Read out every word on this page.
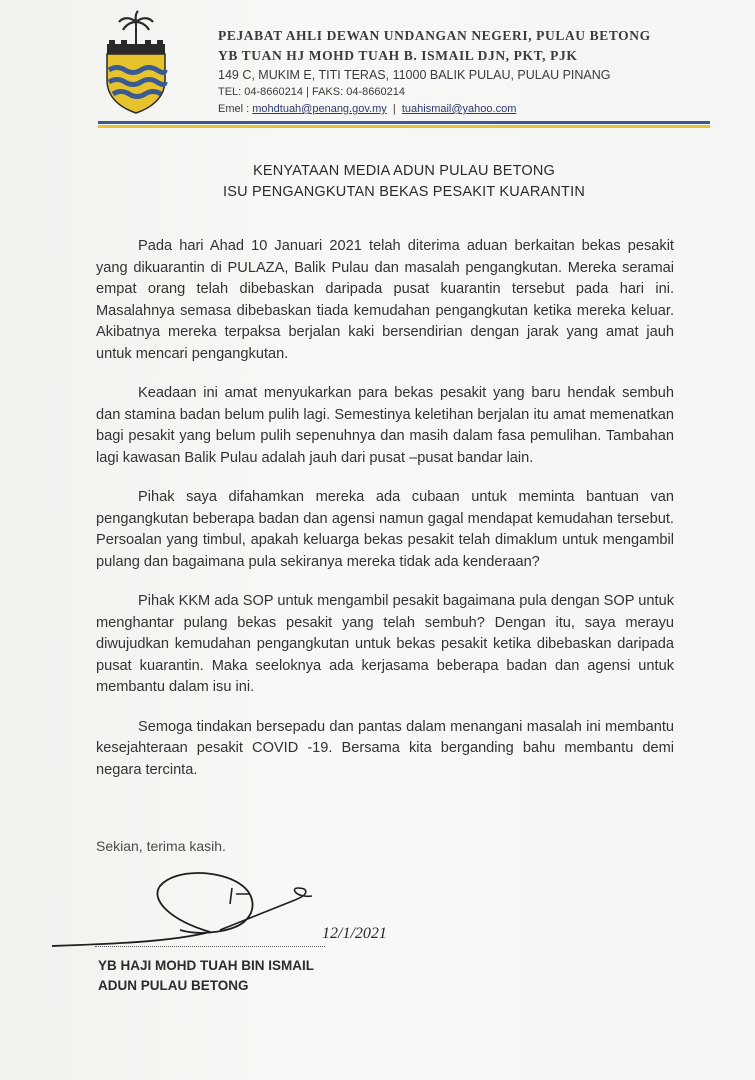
PEJABAT AHLI DEWAN UNDANGAN NEGERI, PULAU BETONG
YB TUAN HJ MOHD TUAH B. ISMAIL DJN, PKT, PJK
149 C, MUKIM E, TITI TERAS, 11000 BALIK PULAU, PULAU PINANG
TEL: 04-8660214 | FAKS: 04-8660214
Emel : mohdtuah@penang.gov.my | tuahismail@yahoo.com
KENYATAAN MEDIA ADUN PULAU BETONG
ISU PENGANGKUTAN BEKAS PESAKIT KUARANTIN

Pada hari Ahad 10 Januari 2021 telah diterima aduan berkaitan bekas pesakit yang dikuarantin di PULAZA, Balik Pulau dan masalah pengangkutan. Mereka seramai empat orang telah dibebaskan daripada pusat kuarantin tersebut pada hari ini. Masalahnya semasa dibebaskan tiada kemudahan pengangkutan ketika mereka keluar. Akibatnya mereka terpaksa berjalan kaki bersendirian dengan jarak yang amat jauh untuk mencari pengangkutan.

Keadaan ini amat menyukarkan para bekas pesakit yang baru hendak sembuh dan stamina badan belum pulih lagi. Semestinya keletihan berjalan itu amat memenatkan bagi pesakit yang belum pulih sepenuhnya dan masih dalam fasa pemulihan. Tambahan lagi kawasan Balik Pulau adalah jauh dari pusat –pusat bandar lain.

Pihak saya difahamkan mereka ada cubaan untuk meminta bantuan van pengangkutan beberapa badan dan agensi namun gagal mendapat kemudahan tersebut. Persoalan yang timbul, apakah keluarga bekas pesakit telah dimaklum untuk mengambil pulang dan bagaimana pula sekiranya mereka tidak ada kenderaan?

Pihak KKM ada SOP untuk mengambil pesakit bagaimana pula dengan SOP untuk menghantar pulang bekas pesakit yang telah sembuh? Dengan itu, saya merayu diwujudkan kemudahan pengangkutan untuk bekas pesakit ketika dibebaskan daripada pusat kuarantin. Maka seeloknya ada kerjasama beberapa badan dan agensi untuk membantu dalam isu ini.

Semoga tindakan bersepadu dan pantas dalam menangani masalah ini membantu kesejahteraan pesakit COVID -19. Bersama kita berganding bahu membantu demi negara tercinta.

Sekian, terima kasih.
12/1/2021
YB HAJI MOHD TUAH BIN ISMAIL
ADUN PULAU BETONG
